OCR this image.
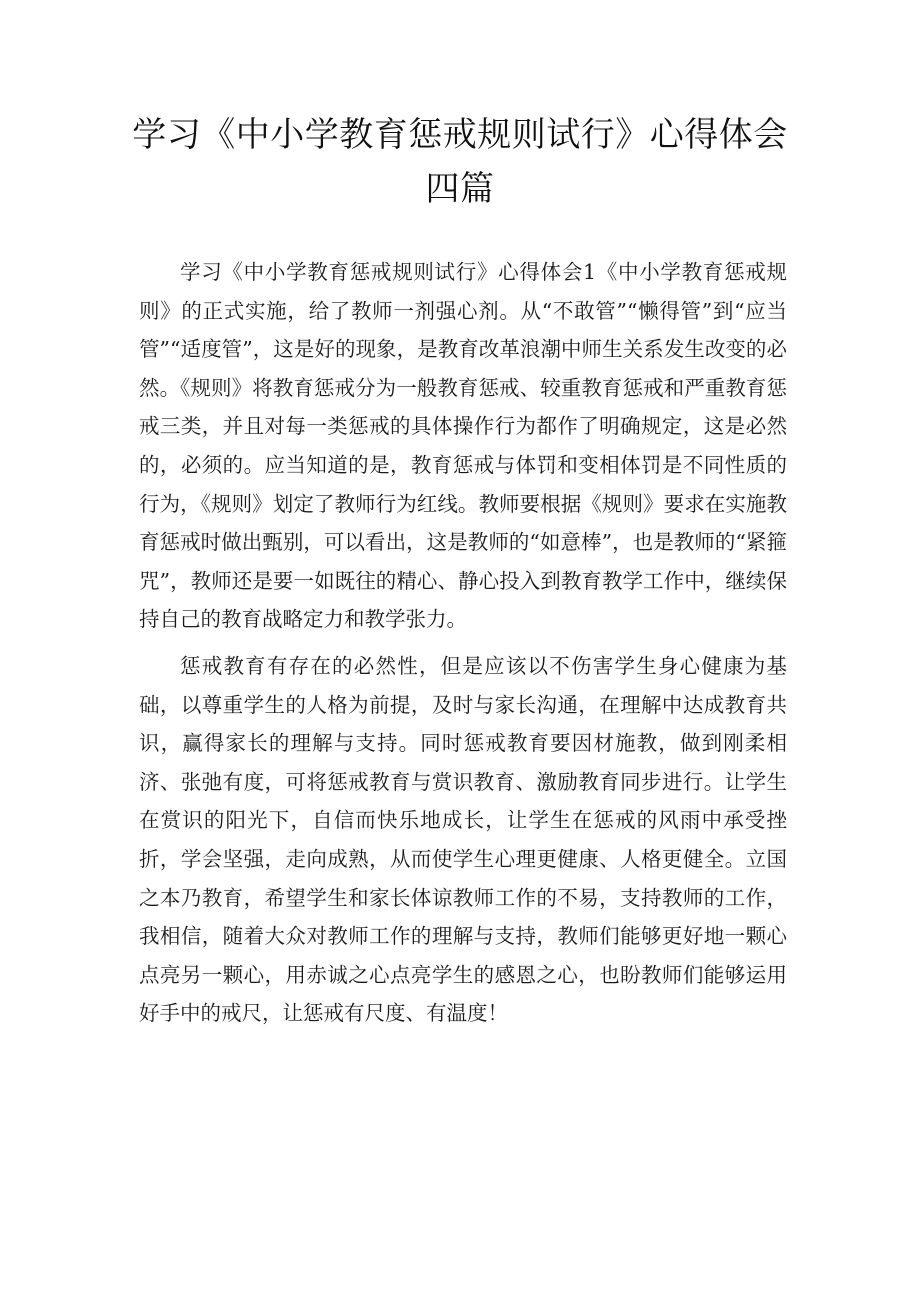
学习《中小学教育惩戒规则试行》心得体会
四篇

学习《中小学教育惩戒规则试行》心得体会1《中小学教育惩戒规则》的正式实施，给了教师一剂强心剂。从“不敢管”“懒得管”到“应当管”“适度管”，这是好的现象，是教育改革浪潮中师生关系发生改变的必然。《规则》将教育惩戒分为一般教育惩戒、较重教育惩戒和严重教育惩戒三类，并且对每一类惩戒的具体操作行为都作了明确规定，这是必然的，必须的。应当知道的是，教育惩戒与体罚和变相体罚是不同性质的行为，《规则》划定了教师行为红线。教师要根据《规则》要求在实施教育惩戒时做出甄别，可以看出，这是教师的“如意棒”，也是教师的“紧箍咒”，教师还是要一如既往的精心、静心投入到教育教学工作中，继续保持自己的教育战略定力和教学张力。

惩戒教育有存在的必然性，但是应该以不伤害学生身心健康为基础，以尊重学生的人格为前提，及时与家长沟通，在理解中达成教育共识，赢得家长的理解与支持。同时惩戒教育要因材施教，做到刚柔相济、张弛有度，可将惩戒教育与赏识教育、激励教育同步进行。让学生在赏识的阳光下，自信而快乐地成长，让学生在惩戒的风雨中承受挫折，学会坚强，走向成熟，从而使学生心理更健康、人格更健全。立国之本乃教育，希望学生和家长体谅教师工作的不易，支持教师的工作，我相信，随着大众对教师工作的理解与支持，教师们能够更好地一颗心点亮另一颗心，用赤诚之心点亮学生的感恩之心，也盼教师们能够运用好手中的戒尺，让惩戒有尺度、有温度！
